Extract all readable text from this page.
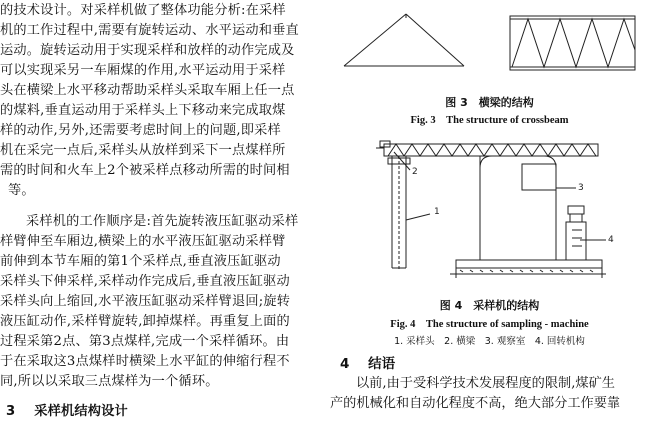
的技术设计。对采样机做了整体功能分析:在采样
机的工作过程中,需要有旋转运动、水平运动和垂直
运动。旋转运动用于实现采样和放样的动作完成及
可以实现采另一车厢煤的作用,水平运动用于采样
头在横梁上水平移动帮助采样头采取车厢上任一点
的煤料,垂直运动用于采样头上下移动来完成取煤
样的动作,另外,还需要考虑时间上的问题,即采样
机在采完一点后,采样头从放样到采下一点煤样所
需的时间和火车上2个被采样点移动所需的时间相
等。
采样机的工作顺序是:首先旋转液压缸驱动采样
样臂伸至车厢边,横梁上的水平液压缸驱动采样臂
前伸到本节车厢的第1个采样点,垂直液压缸驱动
采样头下伸采样,采样动作完成后,垂直液压缸驱动
采样头向上缩回,水平液压缸驱动采样臂退回;旋转
液压缸动作,采样臂旋转,卸掉煤样。再重复上面的
过程采第2点、第3点煤样,完成一个采样循环。由
于在采取这3点煤样时横梁上水平缸的伸缩行程不
同,所以以采取三点煤样为一个循环。
3 采样机结构设计
图 3　横梁的结构
Fig. 3　The structure of crossbeam
1
2
3
4
图 4　采样机的结构
Fig. 4　The structure of sampling - machine
1. 采样头　2. 横梁　3. 观察室　4. 回转机构
4 结语
以前,由于受科学技术发展程度的限制,煤矿生
产的机械化和自动化程度不高，绝大部分工作要靠
